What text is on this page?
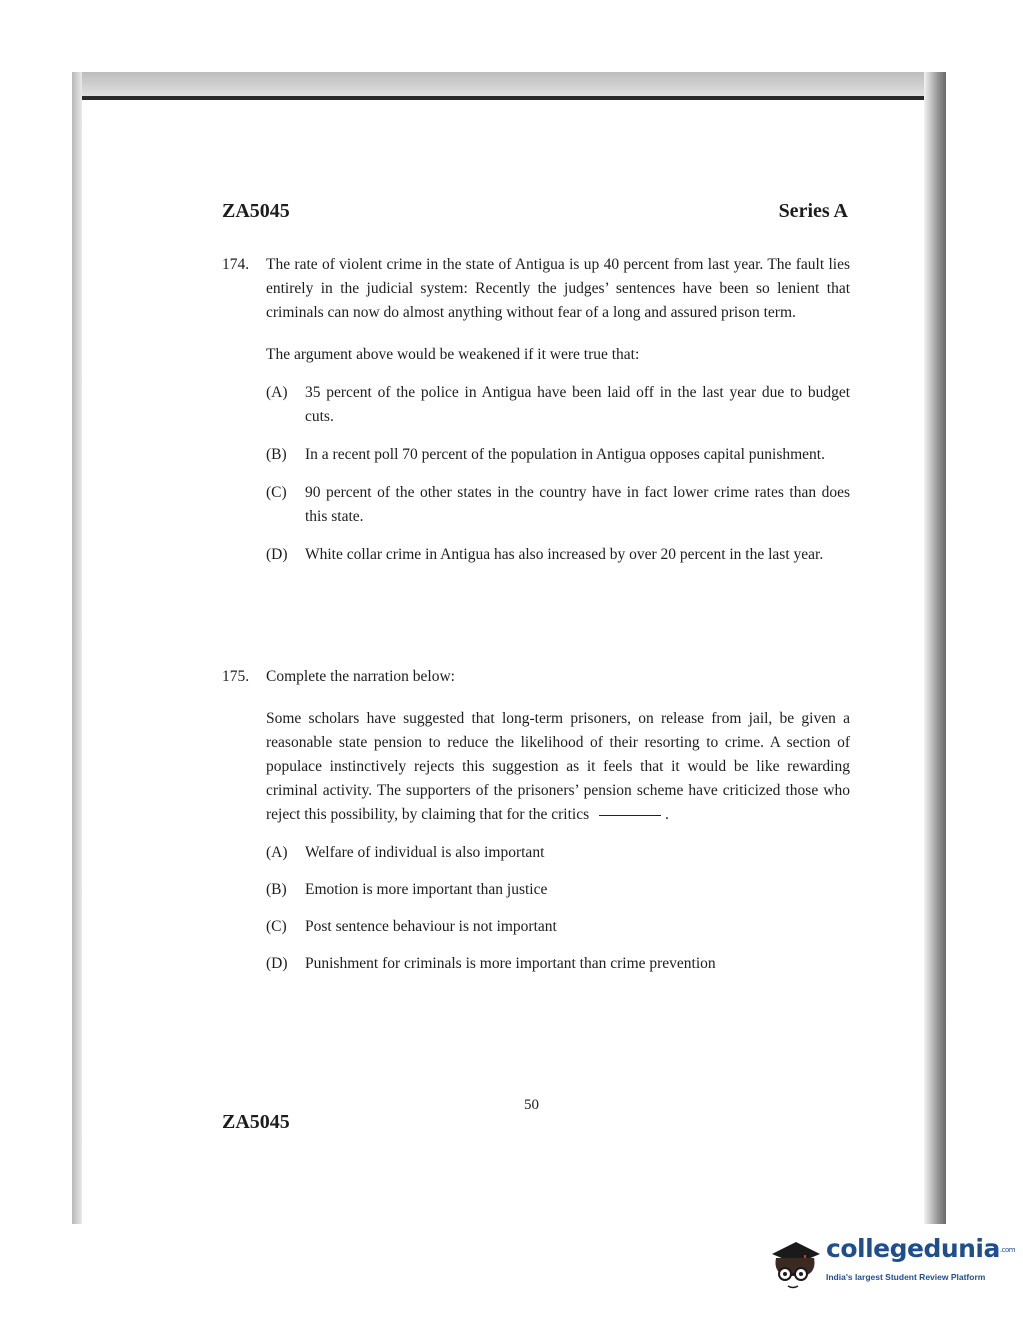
ZA5045	Series A
174. The rate of violent crime in the state of Antigua is up 40 percent from last year. The fault lies entirely in the judicial system: Recently the judges’ sentences have been so lenient that criminals can now do almost anything without fear of a long and assured prison term.

The argument above would be weakened if it were true that:

(A) 35 percent of the police in Antigua have been laid off in the last year due to budget cuts.
(B) In a recent poll 70 percent of the population in Antigua opposes capital punishment.
(C) 90 percent of the other states in the country have in fact lower crime rates than does this state.
(D) White collar crime in Antigua has also increased by over 20 percent in the last year.
175. Complete the narration below:

Some scholars have suggested that long-term prisoners, on release from jail, be given a reasonable state pension to reduce the likelihood of their resorting to crime. A section of populace instinctively rejects this suggestion as it feels that it would be like rewarding criminal activity. The supporters of the prisoners’ pension scheme have criticized those who reject this possibility, by claiming that for the critics	.

(A) Welfare of individual is also important
(B) Emotion is more important than justice
(C) Post sentence behaviour is not important
(D) Punishment for criminals is more important than crime prevention
50
ZA5045
collegedunia.com
India's largest Student Review Platform
